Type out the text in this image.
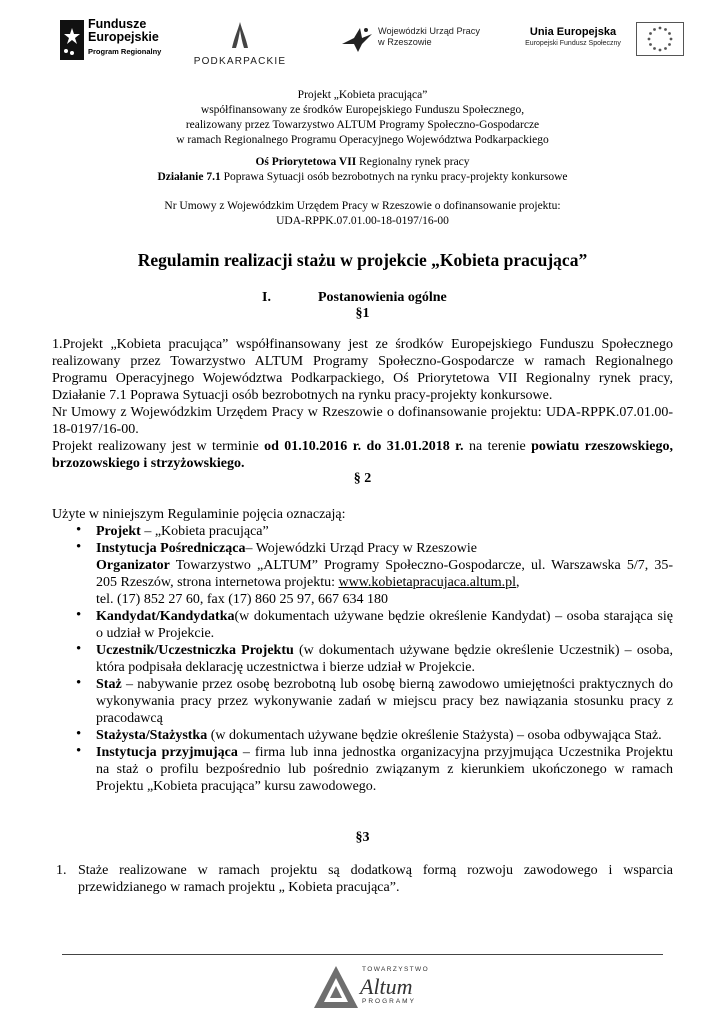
Fundusze
Europejskie
Program Regionalny
PODKARPACKIE
Wojewódzki Urząd Pracy
w Rzeszowie
Unia Europejska
Europejski Fundusz Społeczny
Projekt „Kobieta pracująca”
współfinansowany ze środków Europejskiego Funduszu Społecznego,
realizowany przez Towarzystwo ALTUM Programy Społeczno-Gospodarcze
w ramach Regionalnego Programu Operacyjnego Województwa Podkarpackiego
Oś Priorytetowa VII Regionalny rynek pracy
Działanie 7.1 Poprawa Sytuacji osób bezrobotnych na rynku pracy-projekty konkursowe
Nr Umowy z Wojewódzkim Urzędem Pracy w Rzeszowie o dofinansowanie projektu:
UDA-RPPK.07.01.00-18-0197/16-00
Regulamin realizacji stażu w projekcie „Kobieta pracująca”
I.	Postanowienia ogólne
§1

1.Projekt „Kobieta pracująca” współfinansowany jest ze środków Europejskiego Funduszu Społecznego realizowany przez Towarzystwo ALTUM Programy Społeczno-Gospodarcze w ramach Regionalnego Programu Operacyjnego Województwa Podkarpackiego, Oś Priorytetowa VII Regionalny rynek pracy, Działanie 7.1 Poprawa Sytuacji osób bezrobotnych na rynku pracy-projekty konkursowe.

Nr Umowy z Wojewódzkim Urzędem Pracy w Rzeszowie o dofinansowanie projektu: UDA-RPPK.07.01.00-18-0197/16-00.

Projekt realizowany jest w terminie od 01.10.2016 r. do 31.01.2018 r. na terenie powiatu rzeszowskiego, brzozowskiego i strzyżowskiego.

§ 2

Użyte w niniejszym Regulaminie pojęcia oznaczają:

• Projekt – „Kobieta pracująca”
• Instytucja Pośrednicząca– Wojewódzki Urząd Pracy w Rzeszowie

Organizator Towarzystwo „ALTUM” Programy Społeczno-Gospodarcze, ul. Warszawska 5/7, 35-205 Rzeszów, strona internetowa projektu: www.kobietapracujaca.altum.pl,

tel. (17) 852 27 60, fax (17) 860 25 97, 667 634 180

• Kandydat/Kandydatka(w dokumentach używane będzie określenie Kandydat) – osoba starająca się o udział w Projekcie.
• Uczestnik/Uczestniczka Projektu (w dokumentach używane będzie określenie Uczestnik) – osoba, która podpisała deklarację uczestnictwa i bierze udział w Projekcie.
• Staż – nabywanie przez osobę bezrobotną lub osobę bierną zawodowo umiejętności praktycznych do wykonywania pracy przez wykonywanie zadań w miejscu pracy bez nawiązania stosunku pracy z pracodawcą
• Stażysta/Stażystka (w dokumentach używane będzie określenie Stażysta) – osoba odbywająca Staż.
• Instytucja przyjmująca – firma lub inna jednostka organizacyjna przyjmująca Uczestnika Projektu na staż o profilu bezpośrednio lub pośrednio związanym z kierunkiem ukończonego w ramach Projektu „Kobieta pracująca” kursu zawodowego.
§3
1. Staże realizowane w ramach projektu są dodatkową formą rozwoju zawodowego i wsparcia przewidzianego w ramach projektu „ Kobieta pracująca”.
TOWARZYSTWO
Altum
PROGRAMY
